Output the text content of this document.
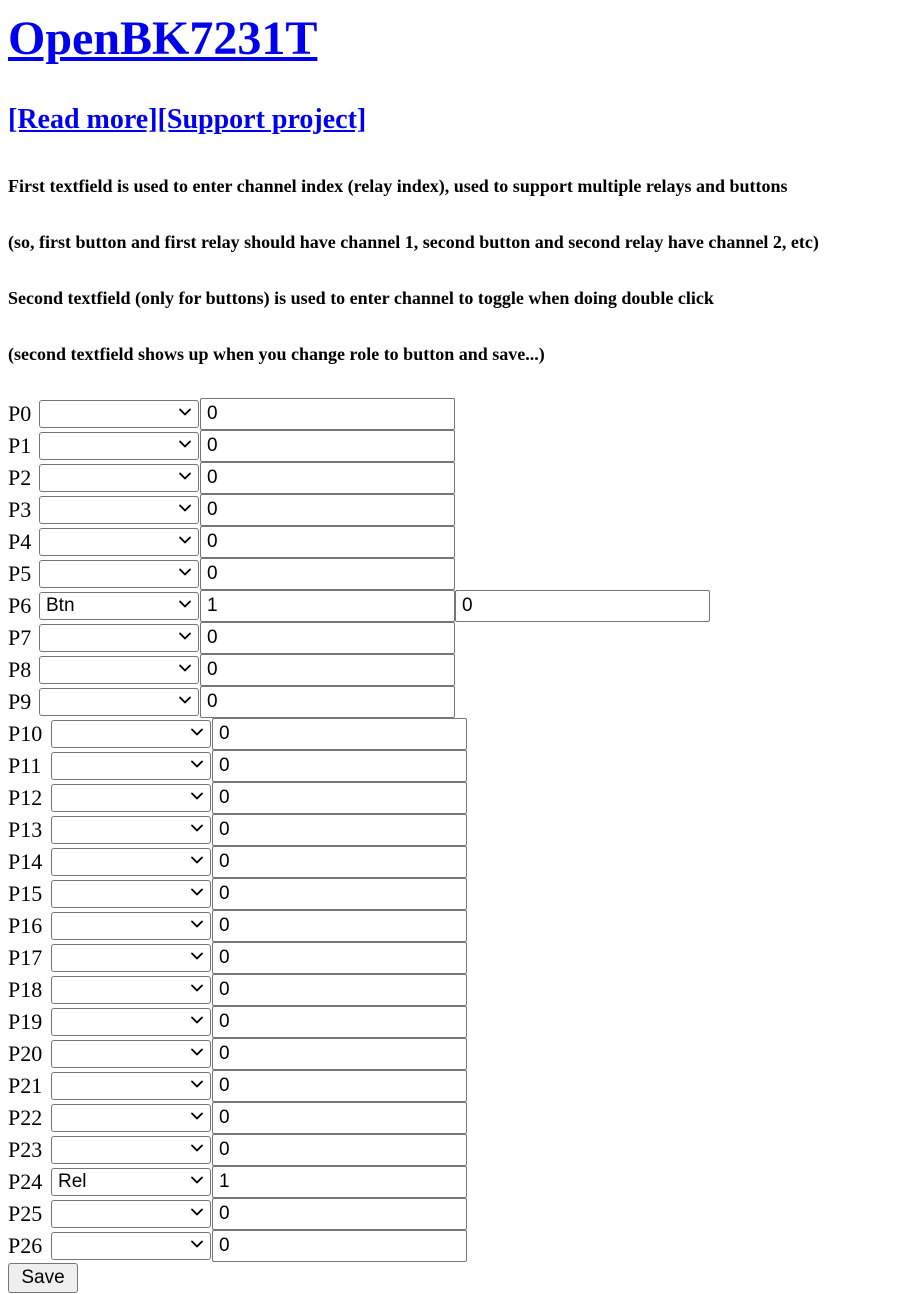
OpenBK7231T
[Read more][Support project]

First textfield is used to enter channel index (relay index), used to support multiple relays and buttons

(so, first button and first relay should have channel 1, second button and second relay have channel 2, etc)

Second textfield (only for buttons) is used to enter channel to toggle when doing double click

(second textfield shows up when you change role to button and save...)

P0
0
P1
0
P2
0
P3
0
P4
0
P5
0
P6 Btn
1
0
P7
0
P8
0
P9
0
P10
0
P11
0
P12
0
P13
0
P14
0
P15
0
P16
0
P17
0
P18
0
P19
0
P20
0
P21
0
P22
0
P23
0
P24 Rel
1
P25
0
P26
0
Save
